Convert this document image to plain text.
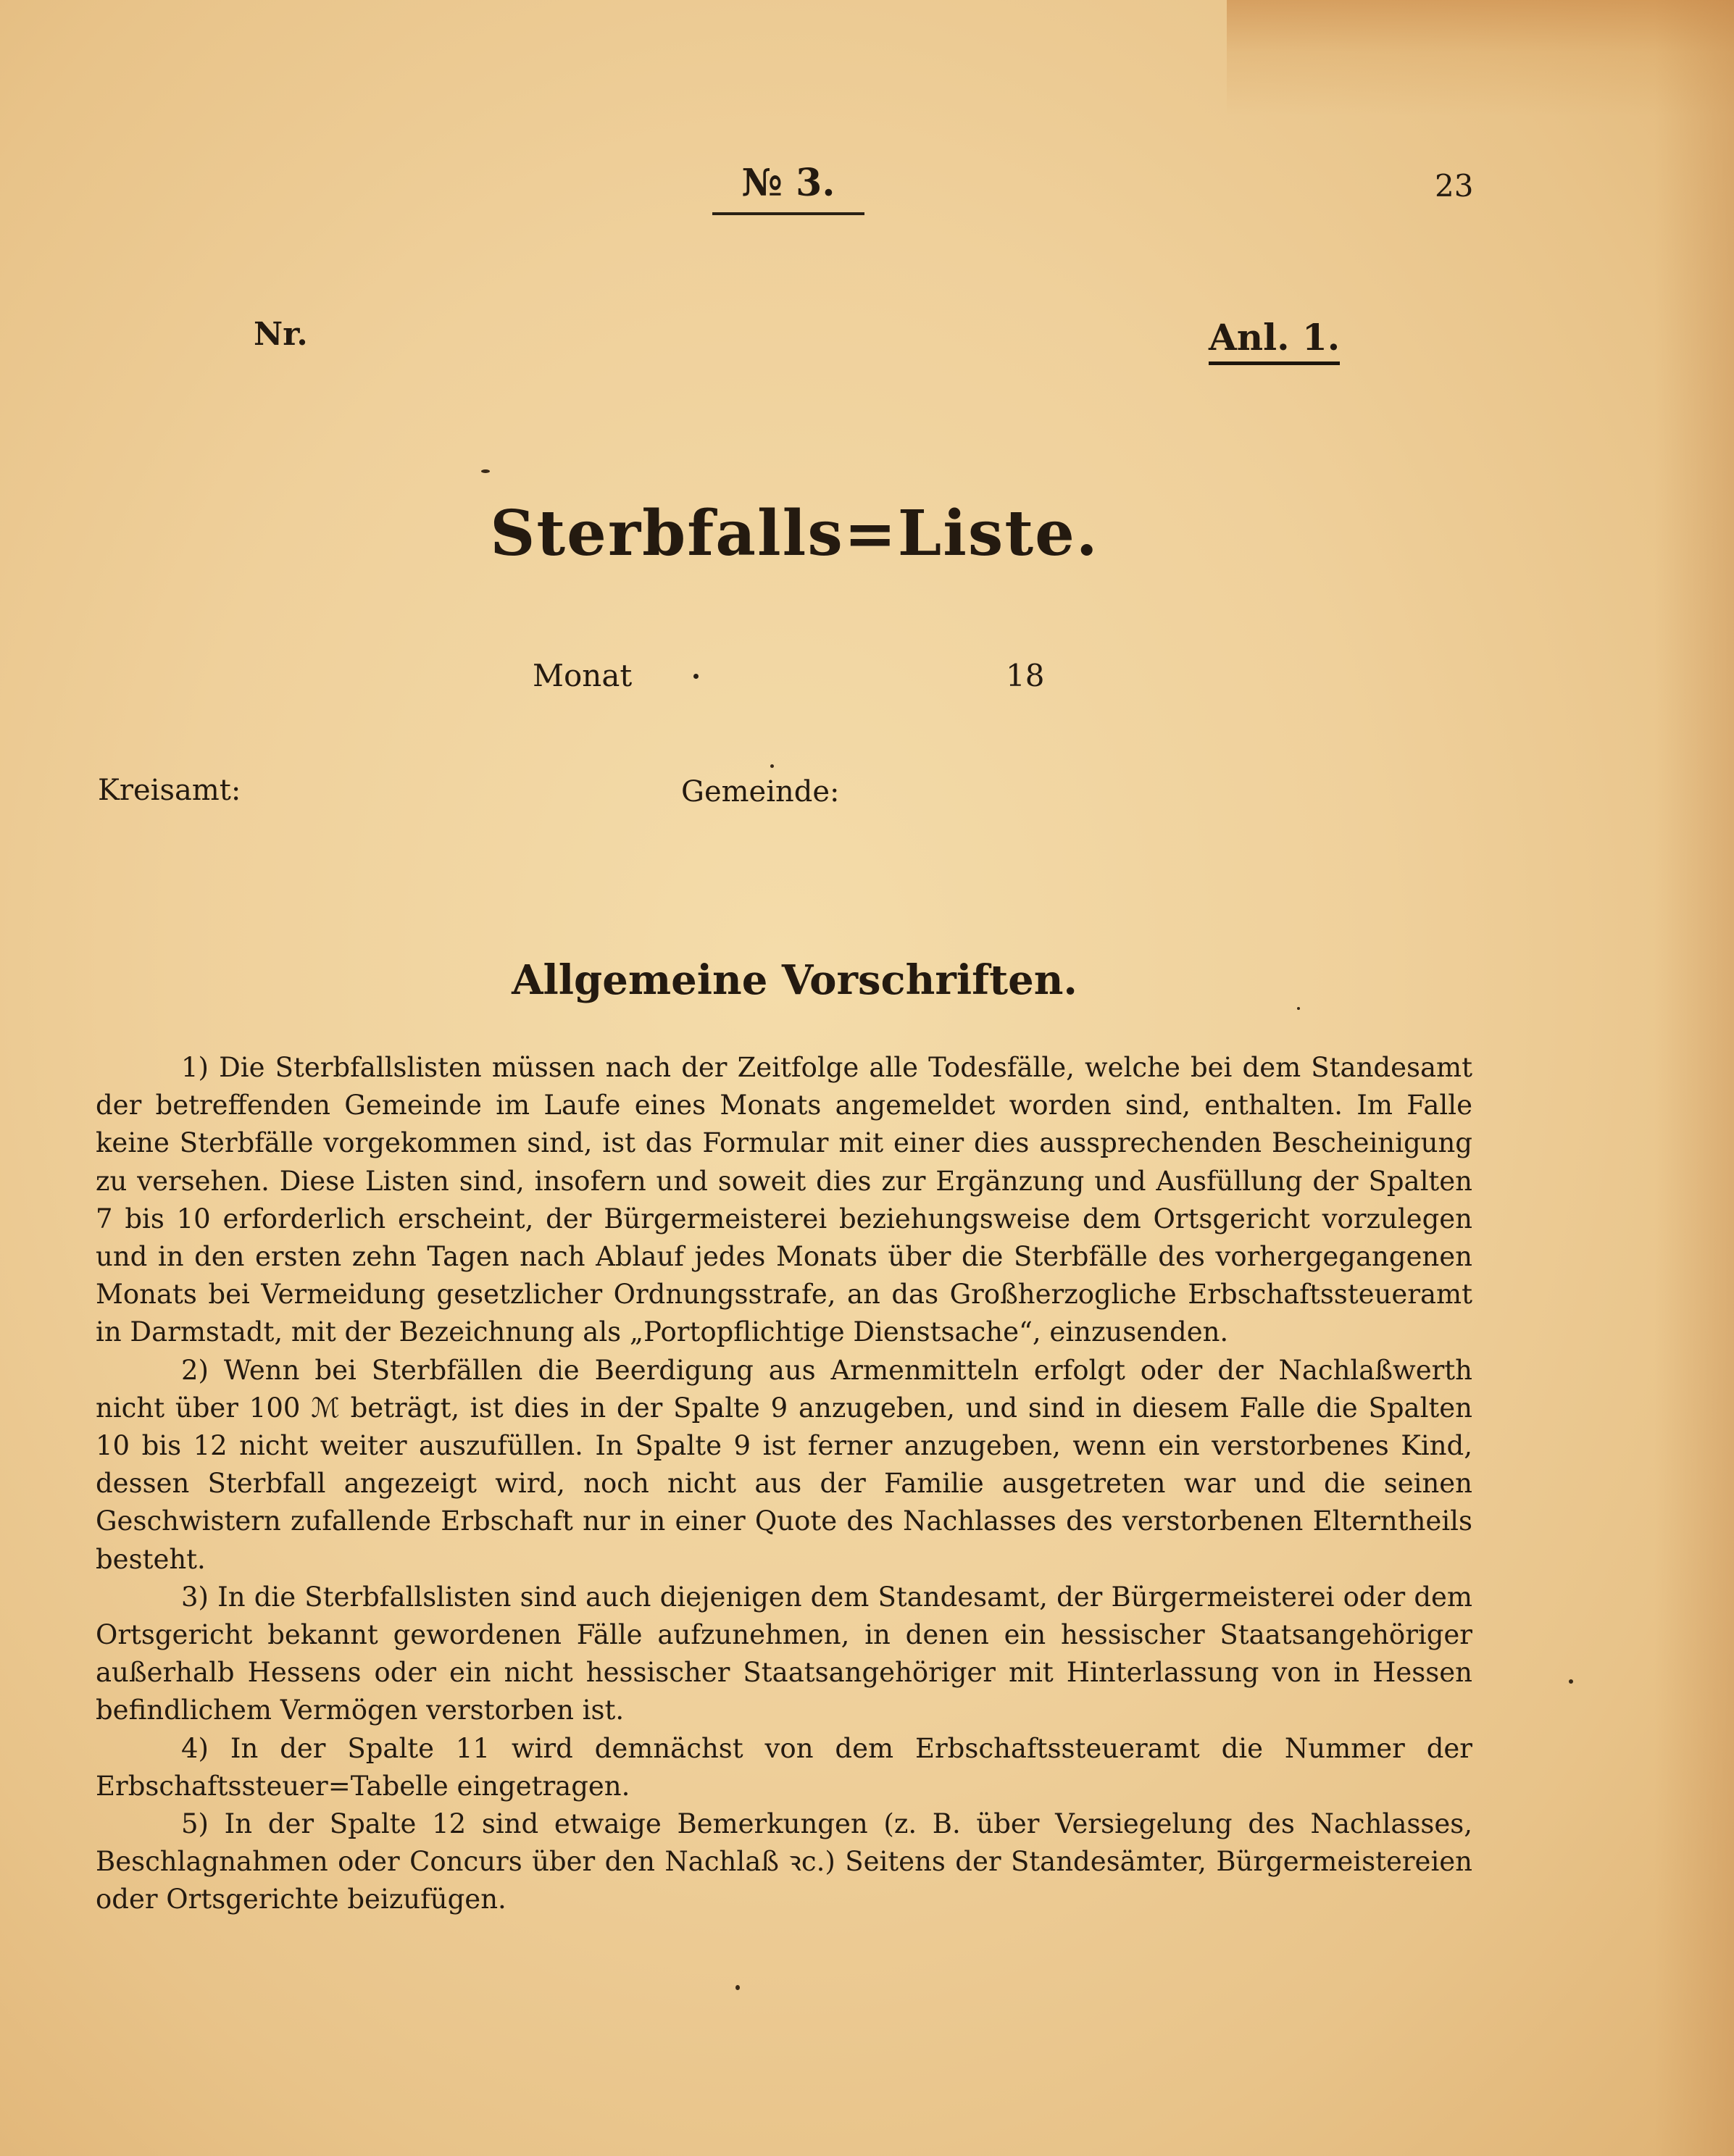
№ 3.	23
Nr.	Anl. 1.
Sterbfalls=Liste.
Monat	18
Kreisamt:	Gemeinde:
Allgemeine Vorschriften.

1) Die Sterbfallslisten müssen nach der Zeitfolge alle Todesfälle, welche bei dem Standesamt der betreffenden Gemeinde im Laufe eines Monats angemeldet worden sind, enthalten. Im Falle keine Sterbfälle vorgekommen sind, ist das Formular mit einer dies aussprechenden Bescheinigung zu versehen. Diese Listen sind, insofern und soweit dies zur Ergänzung und Ausfüllung der Spalten 7 bis 10 erforderlich erscheint, der Bürgermeisterei beziehungsweise dem Ortsgericht vorzulegen und in den ersten zehn Tagen nach Ablauf jedes Monats über die Sterbfälle des vorhergegangenen Monats bei Vermeidung gesetzlicher Ordnungsstrafe, an das Großherzogliche Erbschaftssteueramt in Darmstadt, mit der Bezeichnung als „Portopflichtige Dienstsache“, einzusenden.

2) Wenn bei Sterbfällen die Beerdigung aus Armenmitteln erfolgt oder der Nachlaßwerth nicht über 100 ℳ beträgt, ist dies in der Spalte 9 anzugeben, und sind in diesem Falle die Spalten 10 bis 12 nicht weiter auszufüllen. In Spalte 9 ist ferner anzugeben, wenn ein verstorbenes Kind, dessen Sterbfall angezeigt wird, noch nicht aus der Familie ausgetreten war und die seinen Geschwistern zufallende Erbschaft nur in einer Quote des Nachlasses des verstorbenen Elterntheils besteht.

3) In die Sterbfallslisten sind auch diejenigen dem Standesamt, der Bürgermeisterei oder dem Ortsgericht bekannt gewordenen Fälle aufzunehmen, in denen ein hessischer Staatsangehöriger außerhalb Hessens oder ein nicht hessischer Staatsangehöriger mit Hinterlassung von in Hessen befindlichem Vermögen verstorben ist.

4) In der Spalte 11 wird demnächst von dem Erbschaftssteueramt die Nummer der Erbschaftssteuer=Tabelle eingetragen.

5) In der Spalte 12 sind etwaige Bemerkungen (z. B. über Versiegelung des Nachlasses, Beschlagnahmen oder Concurs über den Nachlaß ꝛc.) Seitens der Standesämter, Bürgermeistereien oder Ortsgerichte beizufügen.
